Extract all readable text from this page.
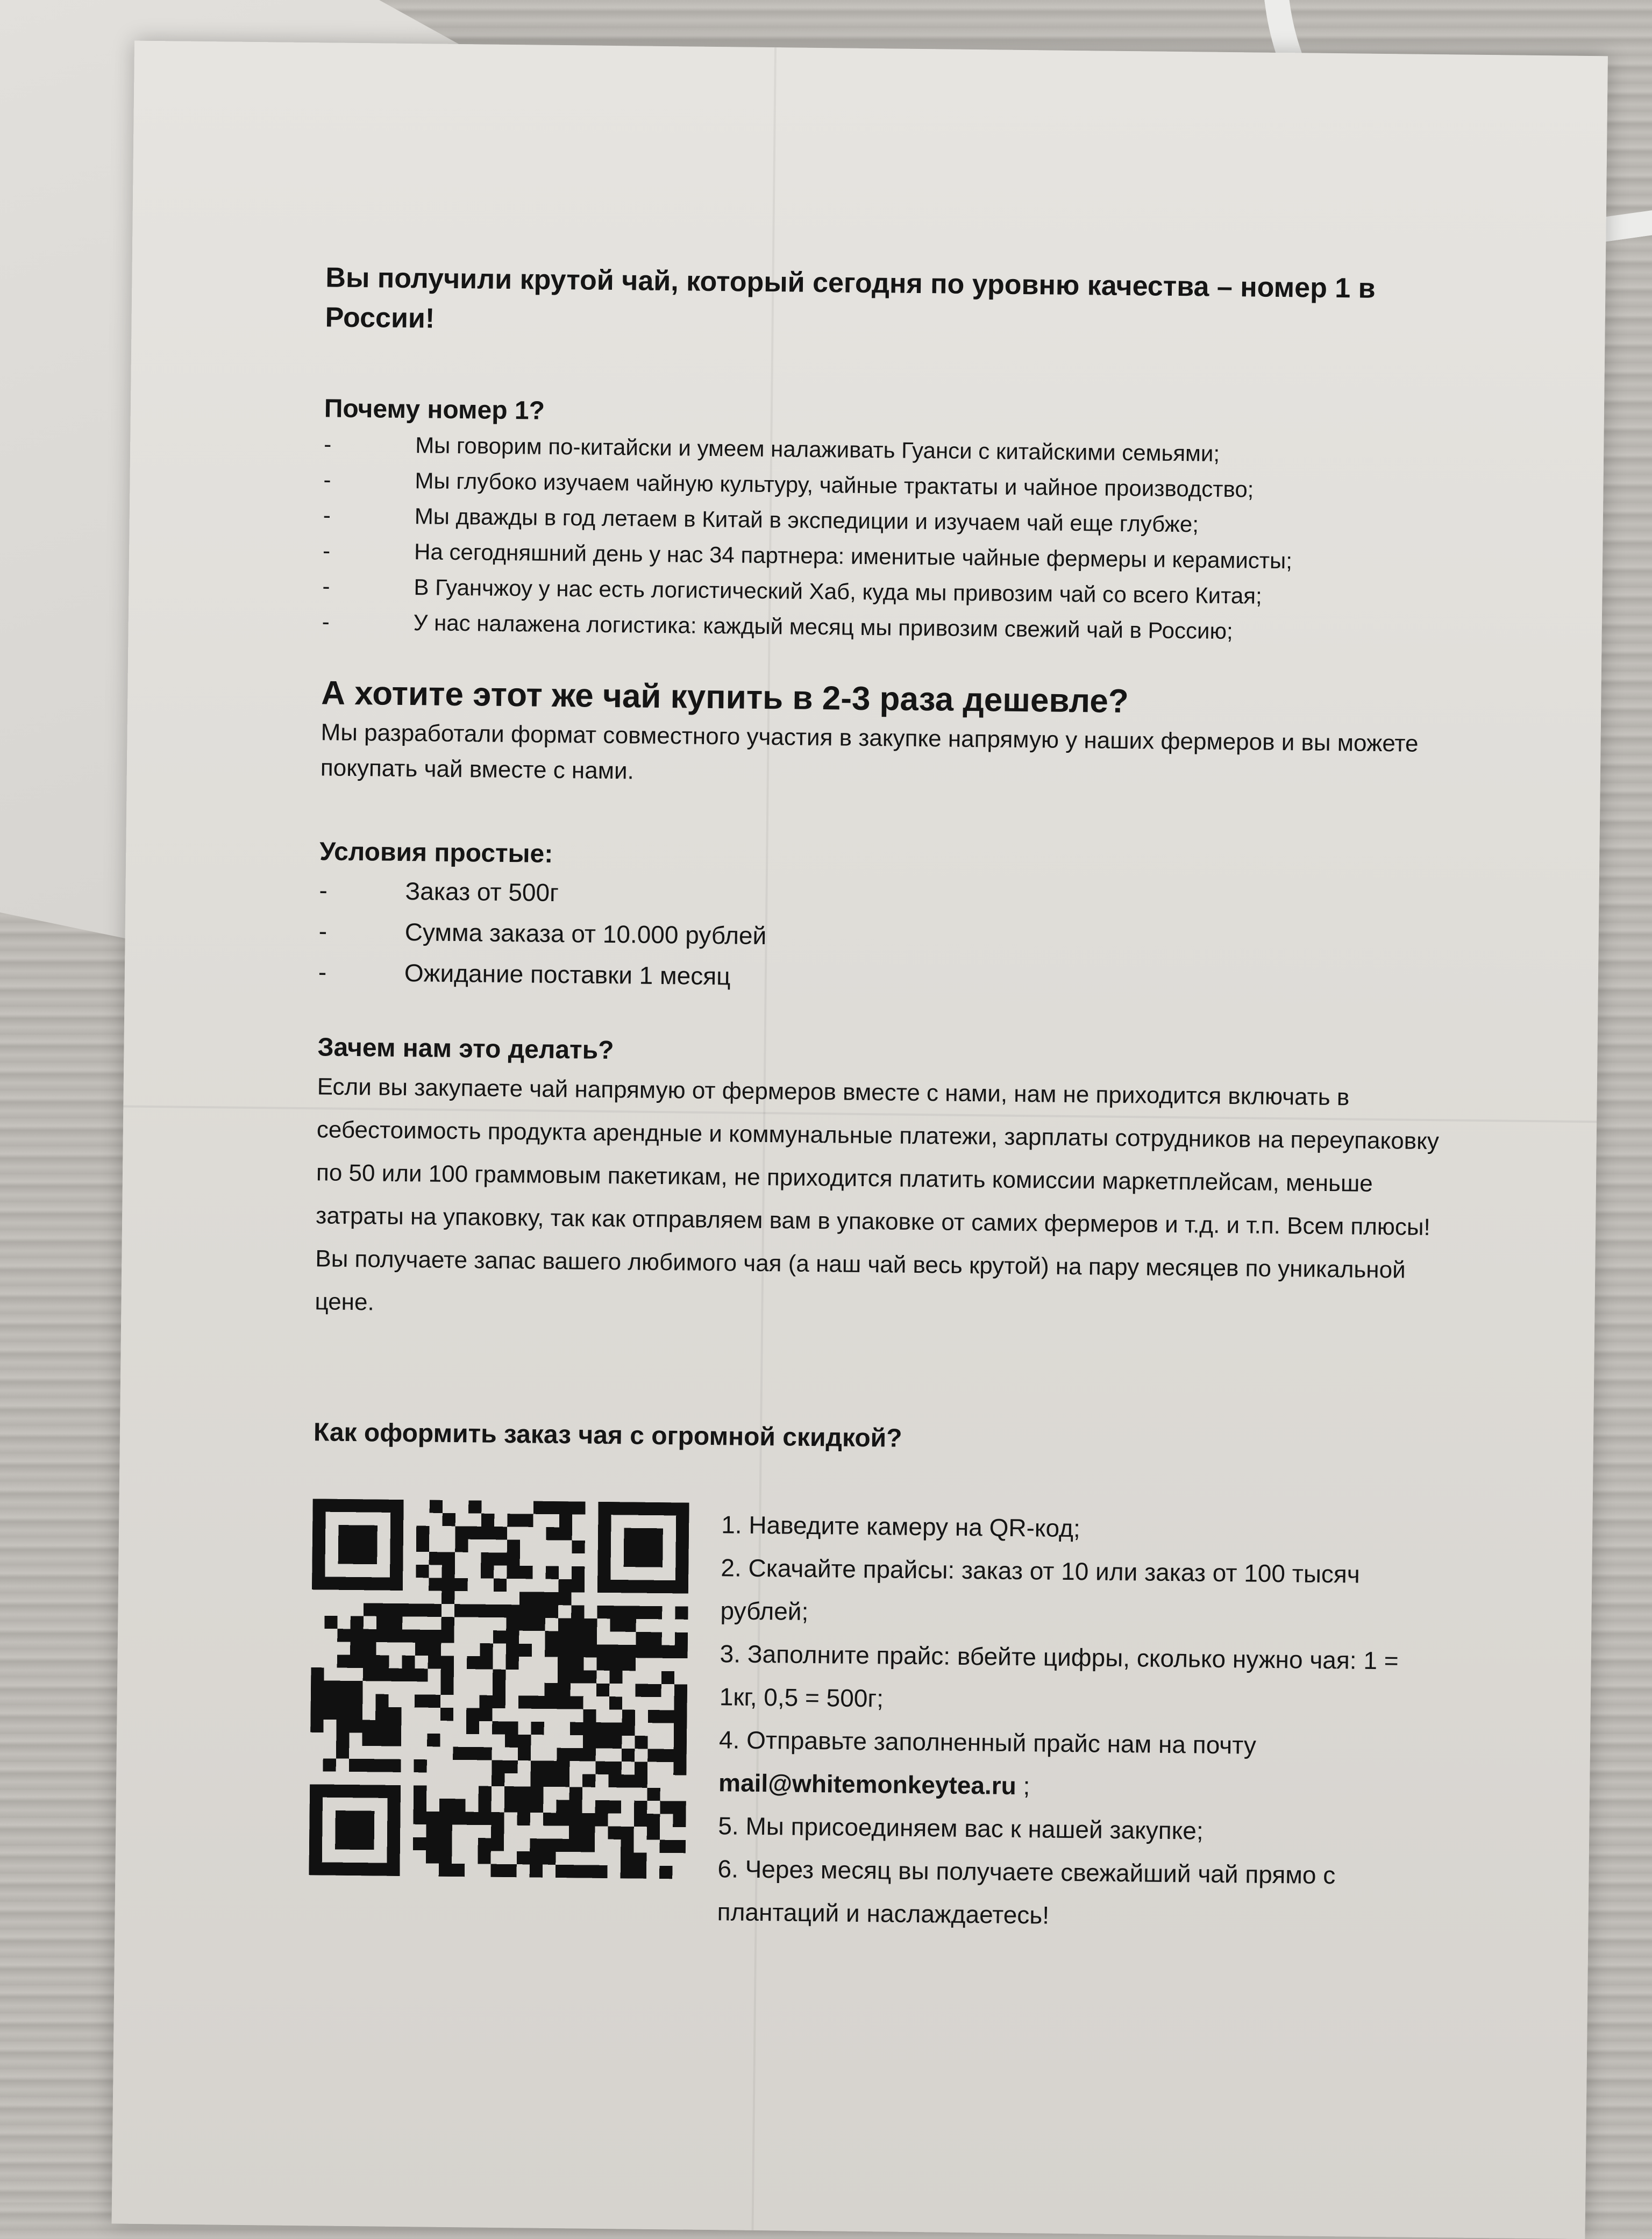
Вы получили крутой чай, который сегодня по уровню качества – номер 1 в России!

Почему номер 1?

- Мы говорим по-китайски и умеем налаживать Гуанси с китайскими семьями;
- Мы глубоко изучаем чайную культуру, чайные трактаты и чайное производство;
- Мы дважды в год летаем в Китай в экспедиции и изучаем чай еще глубже;
- На сегодняшний день у нас 34 партнера: именитые чайные фермеры и керамисты;
- В Гуанчжоу у нас есть логистический Хаб, куда мы привозим чай со всего Китая;
- У нас налажена логистика: каждый месяц мы привозим свежий чай в Россию;

А хотите этот же чай купить в 2-3 раза дешевле?

Мы разработали формат совместного участия в закупке напрямую у наших фермеров и вы можете покупать чай вместе с нами.

Условия простые:

- Заказ от 500г
- Сумма заказа от 10.000 рублей
- Ожидание поставки 1 месяц

Зачем нам это делать?

Если вы закупаете чай напрямую от фермеров вместе с нами, нам не приходится включать в себестоимость продукта арендные и коммунальные платежи, зарплаты сотрудников на переупаковку по 50 или 100 граммовым пакетикам, не приходится платить комиссии маркетплейсам, меньше затраты на упаковку, так как отправляем вам в упаковке от самих фермеров и т.д. и т.п. Всем плюсы! Вы получаете запас вашего любимого чая (а наш чай весь крутой) на пару месяцев по уникальной цене.

Как оформить заказ чая с огромной скидкой?

1. Наведите камеру на QR-код;
2. Скачайте прайсы: заказ от 10 или заказ от 100 тысяч рублей;
3. Заполните прайс: вбейте цифры, сколько нужно чая: 1 = 1кг, 0,5 = 500г;
4. Отправьте заполненный прайс нам на почту
mail@whitemonkeytea.ru ;
5. Мы присоединяем вас к нашей закупке;
6. Через месяц вы получаете свежайший чай прямо с плантаций и наслаждаетесь!
